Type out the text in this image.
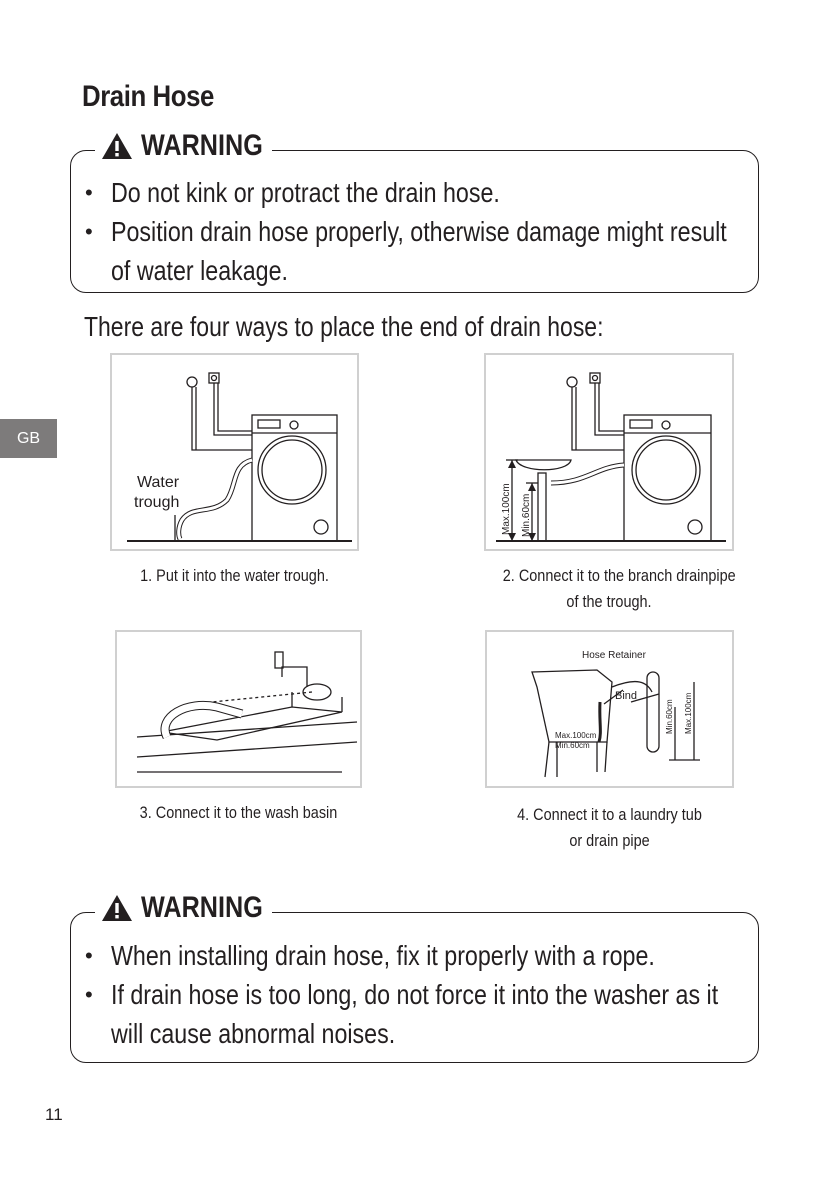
Drain Hose
GB
WARNING
• Do not kink or protract the drain hose.
• Position drain hose properly, otherwise damage might result
of water leakage.
There are four ways to place the end of drain hose:
Water
trough
1. Put it into the water trough.
Max.100cm Min.60cm
2. Connect it to the branch drainpipe
of the trough.
3. Connect it to the wash basin
Hose Retainer
Bind
Max.100cm
Min.60cm
Min.60cm Max.100cm
4. Connect it to a laundry tub
or drain pipe
WARNING
• When installing drain hose, fix it properly with a rope.
• If drain hose is too long, do not force it into the washer as it
will cause abnormal noises.
11
